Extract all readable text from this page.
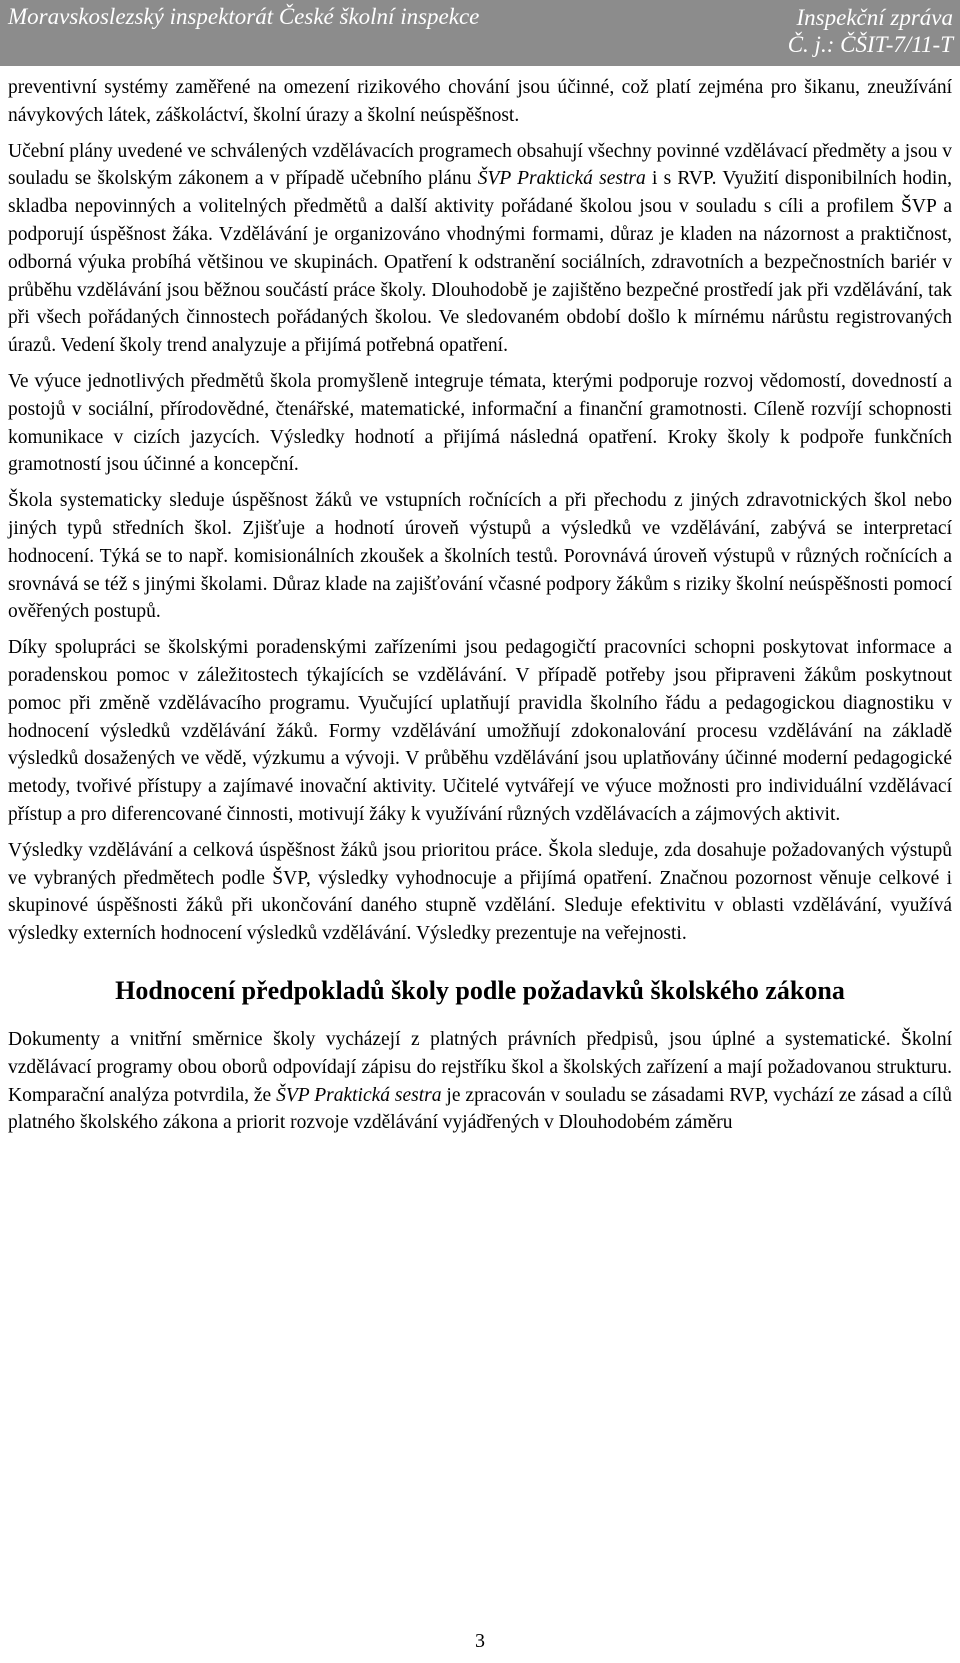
Moravskoslezský inspektorát České školní inspekce	Inspekční zpráva
Č. j.: ČŠIT-7/11-T

preventivní systémy zaměřené na omezení rizikového chování jsou účinné, což platí zejména pro šikanu, zneužívání návykových látek, záškoláctví, školní úrazy a školní neúspěšnost.

Učební plány uvedené ve schválených vzdělávacích programech obsahují všechny povinné vzdělávací předměty a jsou v souladu se školským zákonem a v případě učebního plánu ŠVP Praktická sestra i s RVP. Využití disponibilních hodin, skladba nepovinných a volitelných předmětů a další aktivity pořádané školou jsou v souladu s cíli a profilem ŠVP a podporují úspěšnost žáka. Vzdělávání je organizováno vhodnými formami, důraz je kladen na názornost a praktičnost, odborná výuka probíhá většinou ve skupinách. Opatření k odstranění sociálních, zdravotních a bezpečnostních bariér v průběhu vzdělávání jsou běžnou součástí práce školy. Dlouhodobě je zajištěno bezpečné prostředí jak při vzdělávání, tak při všech pořádaných činnostech pořádaných školou. Ve sledovaném období došlo k mírnému nárůstu registrovaných úrazů. Vedení školy trend analyzuje a přijímá potřebná opatření.

Ve výuce jednotlivých předmětů škola promyšleně integruje témata, kterými podporuje rozvoj vědomostí, dovedností a postojů v sociální, přírodovědné, čtenářské, matematické, informační a finanční gramotnosti. Cíleně rozvíjí schopnosti komunikace v cizích jazycích. Výsledky hodnotí a přijímá následná opatření. Kroky školy k podpoře funkčních gramotností jsou účinné a koncepční.

Škola systematicky sleduje úspěšnost žáků ve vstupních ročnících a při přechodu z jiných zdravotnických škol nebo jiných typů středních škol. Zjišťuje a hodnotí úroveň výstupů a výsledků ve vzdělávání, zabývá se interpretací hodnocení. Týká se to např. komisionálních zkoušek a školních testů. Porovnává úroveň výstupů v různých ročnících a srovnává se též s jinými školami. Důraz klade na zajišťování včasné podpory žákům s riziky školní neúspěšnosti pomocí ověřených postupů.

Díky spolupráci se školskými poradenskými zařízeními jsou pedagogičtí pracovníci schopni poskytovat informace a poradenskou pomoc v záležitostech týkajících se vzdělávání. V případě potřeby jsou připraveni žákům poskytnout pomoc při změně vzdělávacího programu. Vyučující uplatňují pravidla školního řádu a pedagogickou diagnostiku v hodnocení výsledků vzdělávání žáků. Formy vzdělávání umožňují zdokonalování procesu vzdělávání na základě výsledků dosažených ve vědě, výzkumu a vývoji. V průběhu vzdělávání jsou uplatňovány účinné moderní pedagogické metody, tvořivé přístupy a zajímavé inovační aktivity. Učitelé vytvářejí ve výuce možnosti pro individuální vzdělávací přístup a pro diferencované činnosti, motivují žáky k využívání různých vzdělávacích a zájmových aktivit.

Výsledky vzdělávání a celková úspěšnost žáků jsou prioritou práce. Škola sleduje, zda dosahuje požadovaných výstupů ve vybraných předmětech podle ŠVP, výsledky vyhodnocuje a přijímá opatření. Značnou pozornost věnuje celkové i skupinové úspěšnosti žáků při ukončování daného stupně vzdělání. Sleduje efektivitu v oblasti vzdělávání, využívá výsledky externích hodnocení výsledků vzdělávání. Výsledky prezentuje na veřejnosti.

Hodnocení předpokladů školy podle požadavků školského zákona

Dokumenty a vnitřní směrnice školy vycházejí z platných právních předpisů, jsou úplné a systematické. Školní vzdělávací programy obou oborů odpovídají zápisu do rejstříku škol a školských zařízení a mají požadovanou strukturu. Komparační analýza potvrdila, že ŠVP Praktická sestra je zpracován v souladu se zásadami RVP, vychází ze zásad a cílů platného školského zákona a priorit rozvoje vzdělávání vyjádřených v Dlouhodobém záměru

3
